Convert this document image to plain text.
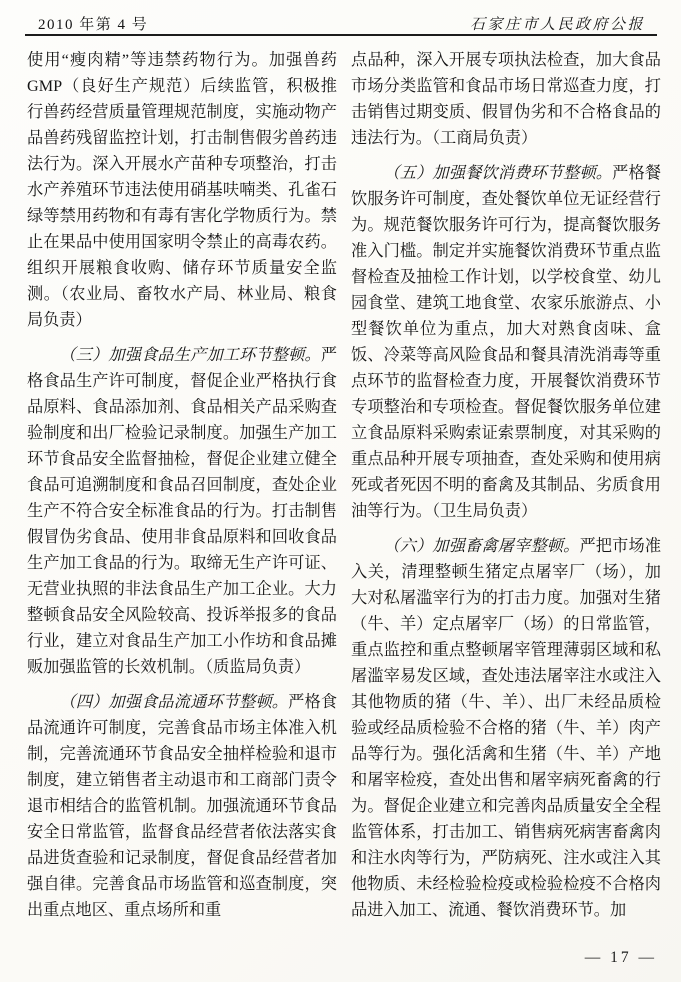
2010 年第 4 号	石家庄市人民政府公报

使用“瘦肉精”等违禁药物行为。加强兽药GMP（良好生产规范）后续监管，积极推行兽药经营质量管理规范制度，实施动物产品兽药残留监控计划，打击制售假劣兽药违法行为。深入开展水产苗种专项整治，打击水产养殖环节违法使用硝基呋喃类、孔雀石绿等禁用药物和有毒有害化学物质行为。禁止在果品中使用国家明令禁止的高毒农药。组织开展粮食收购、储存环节质量安全监测。（农业局、畜牧水产局、林业局、粮食局负责）

（三）加强食品生产加工环节整顿。严格食品生产许可制度，督促企业严格执行食品原料、食品添加剂、食品相关产品采购查验制度和出厂检验记录制度。加强生产加工环节食品安全监督抽检，督促企业建立健全食品可追溯制度和食品召回制度，查处企业生产不符合安全标准食品的行为。打击制售假冒伪劣食品、使用非食品原料和回收食品生产加工食品的行为。取缔无生产许可证、无营业执照的非法食品生产加工企业。大力整顿食品安全风险较高、投诉举报多的食品行业，建立对食品生产加工小作坊和食品摊贩加强监管的长效机制。（质监局负责）

（四）加强食品流通环节整顿。严格食品流通许可制度，完善食品市场主体准入机制，完善流通环节食品安全抽样检验和退市制度，建立销售者主动退市和工商部门责令退市相结合的监管机制。加强流通环节食品安全日常监管，监督食品经营者依法落实食品进货查验和记录制度，督促食品经营者加强自律。完善食品市场监管和巡查制度，突出重点地区、重点场所和重

点品种，深入开展专项执法检查，加大食品市场分类监管和食品市场日常巡查力度，打击销售过期变质、假冒伪劣和不合格食品的违法行为。（工商局负责）

（五）加强餐饮消费环节整顿。严格餐饮服务许可制度，查处餐饮单位无证经营行为。规范餐饮服务许可行为，提高餐饮服务准入门槛。制定并实施餐饮消费环节重点监督检查及抽检工作计划，以学校食堂、幼儿园食堂、建筑工地食堂、农家乐旅游点、小型餐饮单位为重点，加大对熟食卤味、盒饭、冷菜等高风险食品和餐具清洗消毒等重点环节的监督检查力度，开展餐饮消费环节专项整治和专项检查。督促餐饮服务单位建立食品原料采购索证索票制度，对其采购的重点品种开展专项抽查，查处采购和使用病死或者死因不明的畜禽及其制品、劣质食用油等行为。（卫生局负责）

（六）加强畜禽屠宰整顿。严把市场准入关，清理整顿生猪定点屠宰厂（场），加大对私屠滥宰行为的打击力度。加强对生猪（牛、羊）定点屠宰厂（场）的日常监管，重点监控和重点整顿屠宰管理薄弱区域和私屠滥宰易发区域，查处违法屠宰注水或注入其他物质的猪（牛、羊）、出厂未经品质检验或经品质检验不合格的猪（牛、羊）肉产品等行为。强化活禽和生猪（牛、羊）产地和屠宰检疫，查处出售和屠宰病死畜禽的行为。督促企业建立和完善肉品质量安全全程监管体系，打击加工、销售病死病害畜禽肉和注水肉等行为，严防病死、注水或注入其他物质、未经检验检疫或检验检疫不合格肉品进入加工、流通、餐饮消费环节。加

— 17 —
